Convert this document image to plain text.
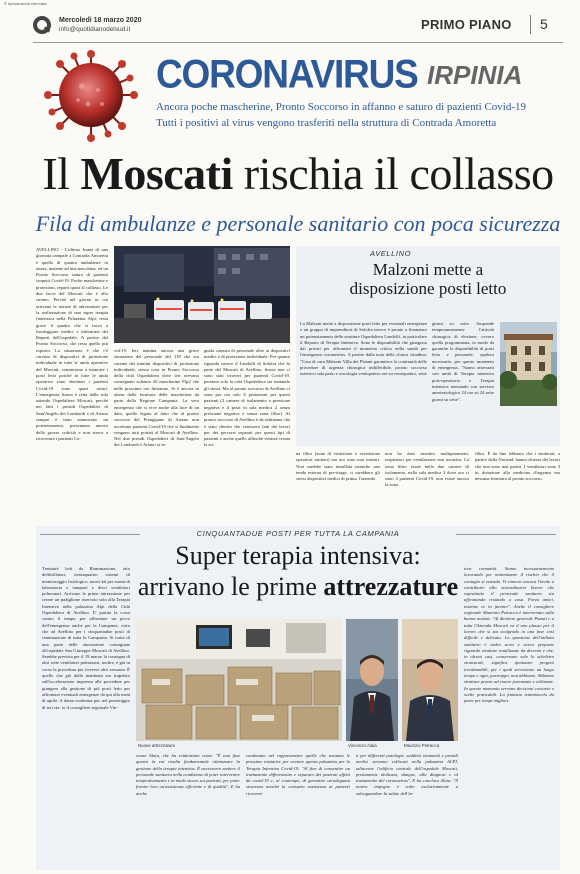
© riproduzione riservata
Mercoledì 18 marzo 2020
info@quotidianodelsud.it	PRIMO PIANO 5
CORONAVIRUS IRPINIA
Ancora poche mascherine, Pronto Soccorso in affanno e saturo di pazienti Covid-19
Tutti i positivi al virus vengono trasferiti nella struttura di Contrada Amoretta
Il Moscati rischia il collasso
Fila di ambulanze e personale sanitario con poca sicurezza

AVELLINO - L'ultimo frame di una giornata campale a Contrada Amoretta è quello di quattro ambulanze in attesa, insieme ad una macchina, ed un Pronto Soccorso saturo di pazienti sospetti Covid-19. Poche mascherine e protezioni, reparti quasi al collasso. Le due facce del Moscati che è allo stremo. Perché nel giorno in cui arrivano le notizie di attrezzature per la realizzazione di una super terapia (intensiva nella Palazzina Alpi, resta grave il quadro che si trova a fronteggiare medici e infermieri dei Reparti dell'ospedale. A partire dal Pronto Soccorso, che resta quello più esposto. La situazione è che c'è carenza di dispositivi di protezione individuale in tutte le unità operative del Moscati, cominciano a mancare i posti letto poiché in tutte le unità operative sono destinati i pazienti Covid-19 sono quasi saturi. L'emergenza finora è retta dalla sola azienda Ospedaliera Moscati, perché nei fatti i presìdi Ospedalieri di Sant'Angelo dei Lombardi e di Ariano sempre è stato annunciato un potenziamento, presentano ancora delle grosse criticità e non riesce a ricoverare i pazienti Co-

vid-19. Ieri mattina ancora una grave situazione del personale del 118 che era carente dei minimi dispositivi di protezione individuale, stessa cosa in Pronto Soccorso della città Ospedaliera dove ieri avevano consegnato soltanto 20 mascherine Ffp2 che nelle prossime ore finiranno. Si è ancora in attesa della fornitura delle mascherine da parte della Regione Campania. La vera emergenza che si vive anche alla luce di un dato, quello legato al fatto che al pronto soccorso del Frangipane di Ariano non accettano pazienti Covid-19 che si finalmente vengono tutti portati al Moscati di Avellino. Nel due presidi Ospedalieri di Sant'Angelo dei Lombardi e Ariano si se-

gnala carenza di personale oltre ai dispositivi medici e di protezione individuale. Per quanto riguarda invece il Landolfi di Solofra che fa parte del Moscati di Avellino, finora non ci sono stati ricoveri per pazienti Covid-19, pertanto solo la città Ospedaliera sta trattando gli stessi. Ma al pronto soccorso di Avellino ci sono per ora solo 6 postazioni per questi pazienti (2 camere di isolamento a pressione negativa e 4 posti in sala medica 2 senza pressione negativa e senza zona filtro). Al pronto soccorso di Avellino è da settimane che è stato chiesto che venissero fatti dei lavori per dei percorsi separati per questi tipi di pazienti e anche quello affinché venisse creata la zo-

AVELLINO
Malzoni mette a
disposizione posti letto

La Malzoni mette a disposizione posti letto per eventuali emergenze e un gruppo di imprenditori di Solofra invece è pronto a finanziare un potenziamento delle strutture Ospedaliera Landolfi, in particolare il Reparto di Terapia Intensiva. Sono le disponibilità che giungono dai privati per affrontare il momento critico nella sanità per l'emergenza coronavirus. A partire dalla nota della clinica cittadina: "Casa di cura Malzoni Villa dei Platani garantisce la continuità delle procedure di urgenza chirurgica indifferibile, pronto soccorso ostetrico sala parto e oncologia ventiquattro ore su ventiquattro, sette

giorni su sette. Sospende temporaneamente l'attività chirurgica di elezione, ovvero quella programmata, in modo da garantire la disponibilità di posti letto e personale, qualora necessario, per questo momento di emergenza. "Siamo attrezzati con unità di Terapia intensiva post-operatoria e Terapia intensiva neonatale con servizio anestesiologico 24 ore su 24 sette giorni su sette".

na filtro (zona di vestizione e svestizione operatori sanitari) ma noi sono mai iniziati. Non sarebbe stata installata neanche una tenda esterna di pre-triage, ci sarebbero gli stessi dispositivi medici di prima, l'azienda

non ha dato monitor multiparametri, respiratori per ventilazione non invasiva. La zona filtro esiste nella due camere di isolamento, nella sala medica 2 dove ora ci sono 4 pazienti Covid-19, non esiste ancora la zona

filtro. È da fine febbraio che i sindacati, a partire dalla Nursind, hanno chiesto dei lavori che non sono mai partiti. I ventilatori sono 3 in dotazione alla medicina d'urgenza ma nessuna fornitura al pronto soccorso.

CINQUANTADUE POSTI PER TUTTA LA CAMPANIA
Super terapia intensiva:
arrivano le prime attrezzature

Trentatré letti da Rianimazione, otto defibrillatori, trentaquattro sistemi di monitoraggio fisiologico, nuovi kit per esami di laboratorio e tamponi e dieci ventilatori polmonari. Arrivano le prime attrezzature per creare un padiglione riservato solo alla Terapia Intensiva nella palazzina Alpi della Città Ospedaliera di Avellino. E' partita la corsa contro il tempo per affrontare un picco dell'emergenza anche per la Campania, visto che ad Avellino per i cinquantadue posti di rianimazione di tutta la Campania. Si tratta di una parte delle attrezzature consegnate all'ospedale San Giuseppe Moscati di Avellino. Sarebbe prevista per il 19 marzo la consegna di altri sette ventilatori polmonari, inoltre, è già in corso la procedura per ricevere altri sessanta. È quello che già dalla mattinata era trapelato sull'accelerazione impressa alle procedure per giungere alla gestione di più posti letto per affrontare eventuali emergenze da qui alla metà di aprile. A darne conferma poi, nel pomeriggio di ieri sta- to il consigliere regionale Vin-

tera comunità. Siamo incessantemente lavorando per minimizzare il rischio che il contagio si estenda. Vi rinnovo ancora l'invito a contribuire allo straordinario lavoro che soprattutto il personale sanitario sta affrontando restando a casa. Forza amici, insieme ce la faremo". Anche il consigliere regionale Maurizio Petracca è intervenuto sulla buona notizia: "Al direttore generale Pizzuti e a tutta l'Azienda Moscati va il mio plauso per il lavoro che si sta svolgendo in una fase così difficile e delicata. La questione dell'utilizzo sanitario è molto seria e avevo proposte riguardo strutture inutilizzate da decenni e che, in alcuni casi, conservano solo lo scheletro strutturale, significa ipotizzare progetti irrealizzabili, per i quali serviranno un lungo tempo e ogni, purtroppo, non abbiamo. Abbiamo strutture pronte ad essere potenziate e utilizzate. In questo momento servono decisioni concrete e scelte praticabili. La fantasia teniamocela da parte per tempi migliori.

Nuove attrezzature	Vincenzo Alaia	Maurizio Petracca

cenzo Alaia, che ha evidenziato come: "È una fase questa in cui risulta fondamentale ottimizzare la gestione della terapia intensiva. È necessario mettere il personale sanitario nella condizione di poter intervenire tempestivamente e in modo sicuro sui pazienti, per poter fornire loro un'assistenza efficiente e di qualità". E ha anche

continuato nel rappresentare quelle che saranno le prossime iniziative per avviare questa palazzina per la Terapia Intensiva Covid-19. "Al fine di consentire un trattamento differenziato e separato dei pazienti affetti da covid-19 e, al contempo, di garantire un'adeguata sicurezza nonché la consueta assistenza ai pazienti ricovera-

ti per differenti patologie, suddetti strumenti e presidi medici saranno collocati nella palazzina ALPI, adiacente l'edificio centrale dell'ospedale Moscati, prettamente dedicata, dunque, alla diagnosi e al trattamento del coronavirus". E ha concluso Alaia: "Il nostro impegno è volto esclusivamente a salvaguardare la salute dell'in-
